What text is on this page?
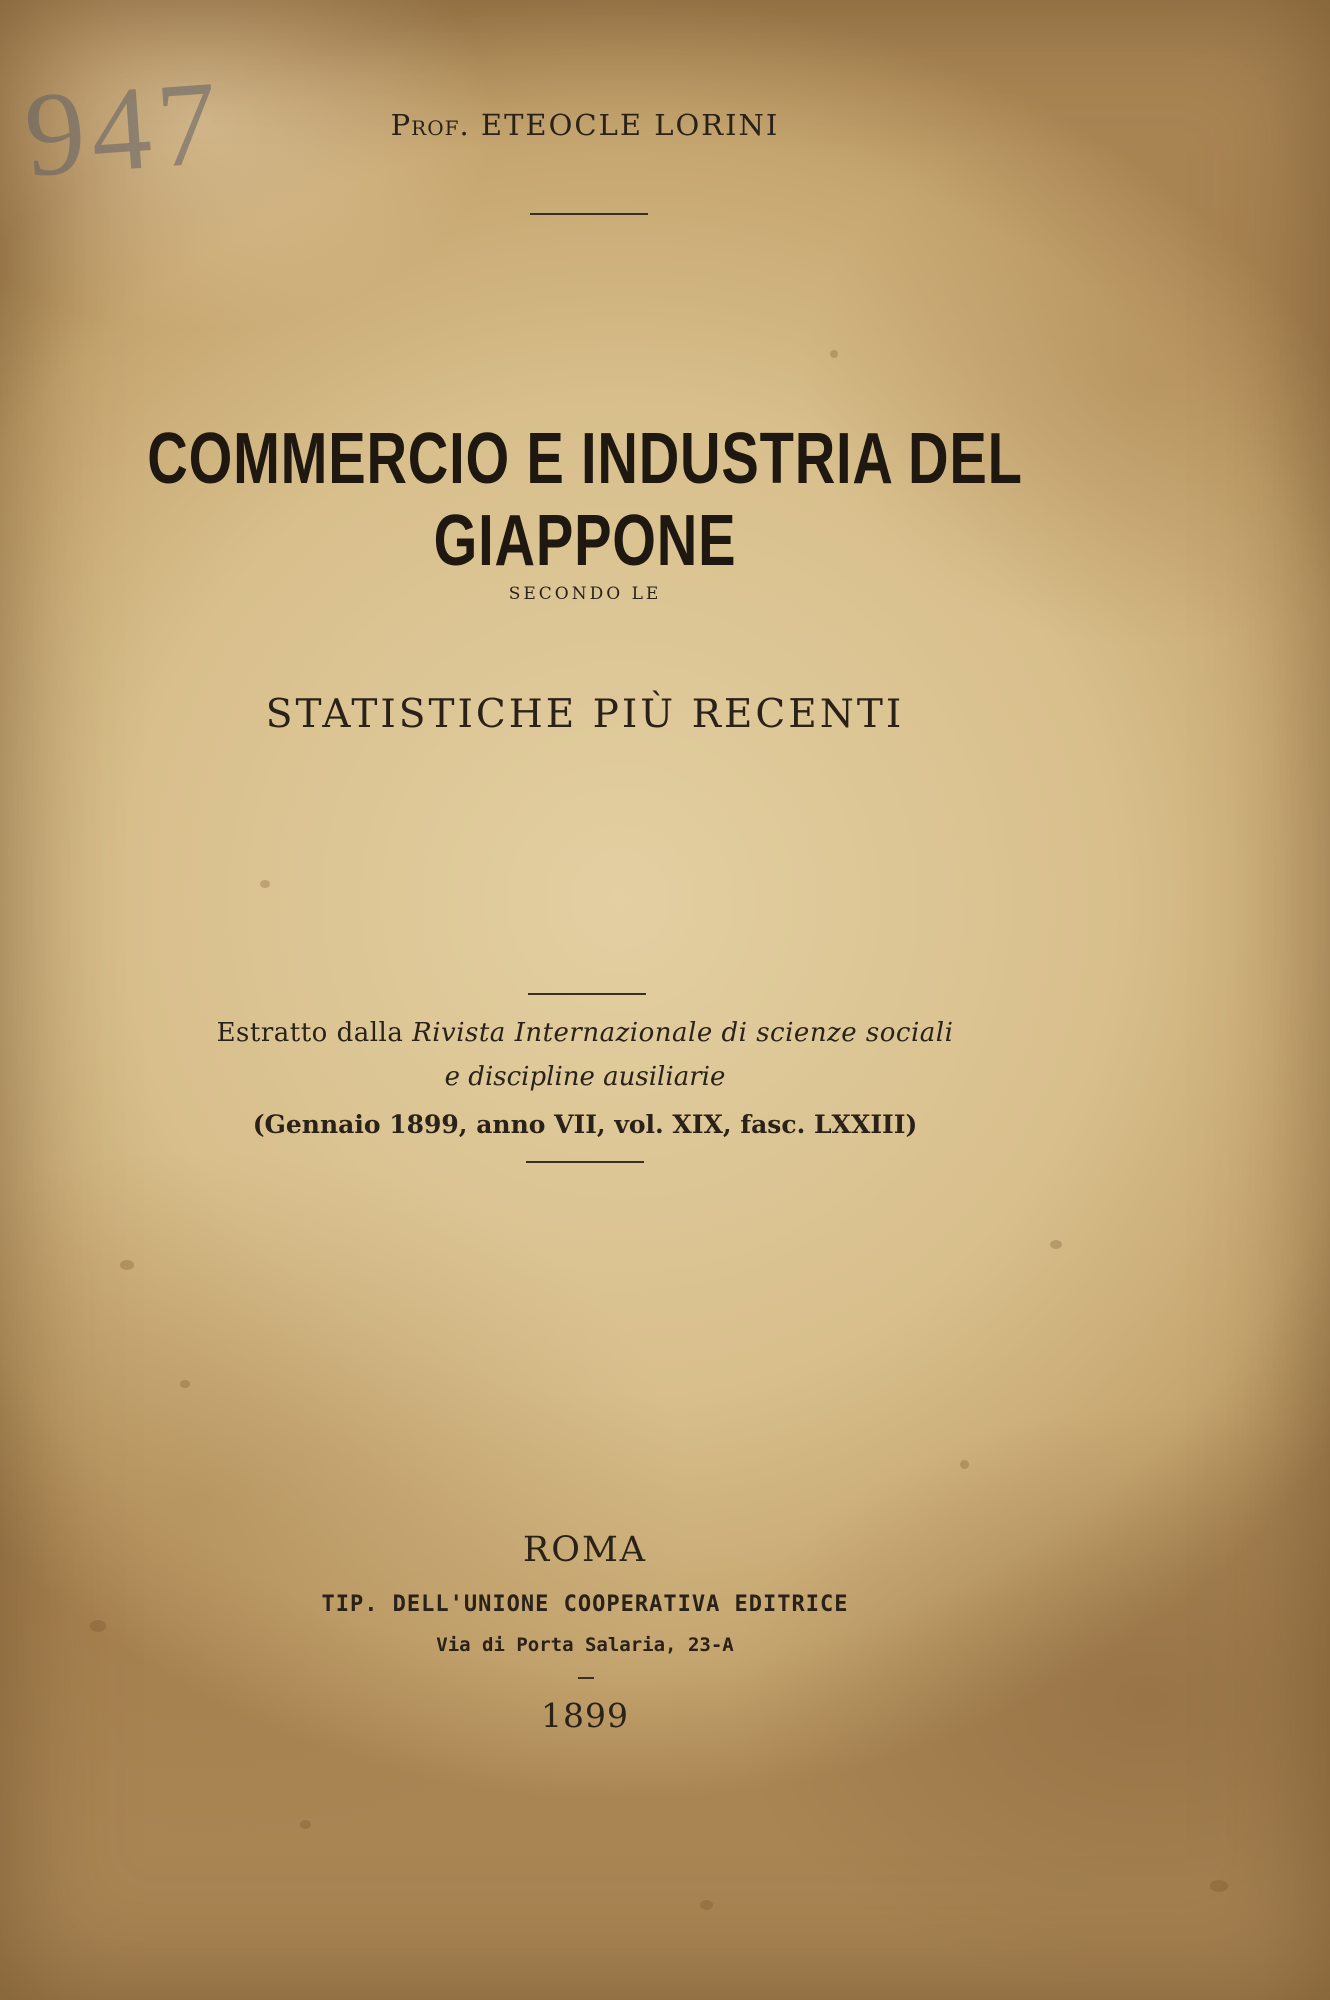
947	Prof. ETEOCLE LORINI
COMMERCIO E INDUSTRIA DEL GIAPPONE
SECONDO LE
STATISTICHE PIÙ RECENTI
Estratto dalla Rivista Internazionale di scienze sociali
e discipline ausiliarie
(Gennaio 1899, anno VII, vol. XIX, fasc. LXXIII)
ROMA
TIP. DELL'UNIONE COOPERATIVA EDITRICE
Via di Porta Salaria, 23-A
1899
